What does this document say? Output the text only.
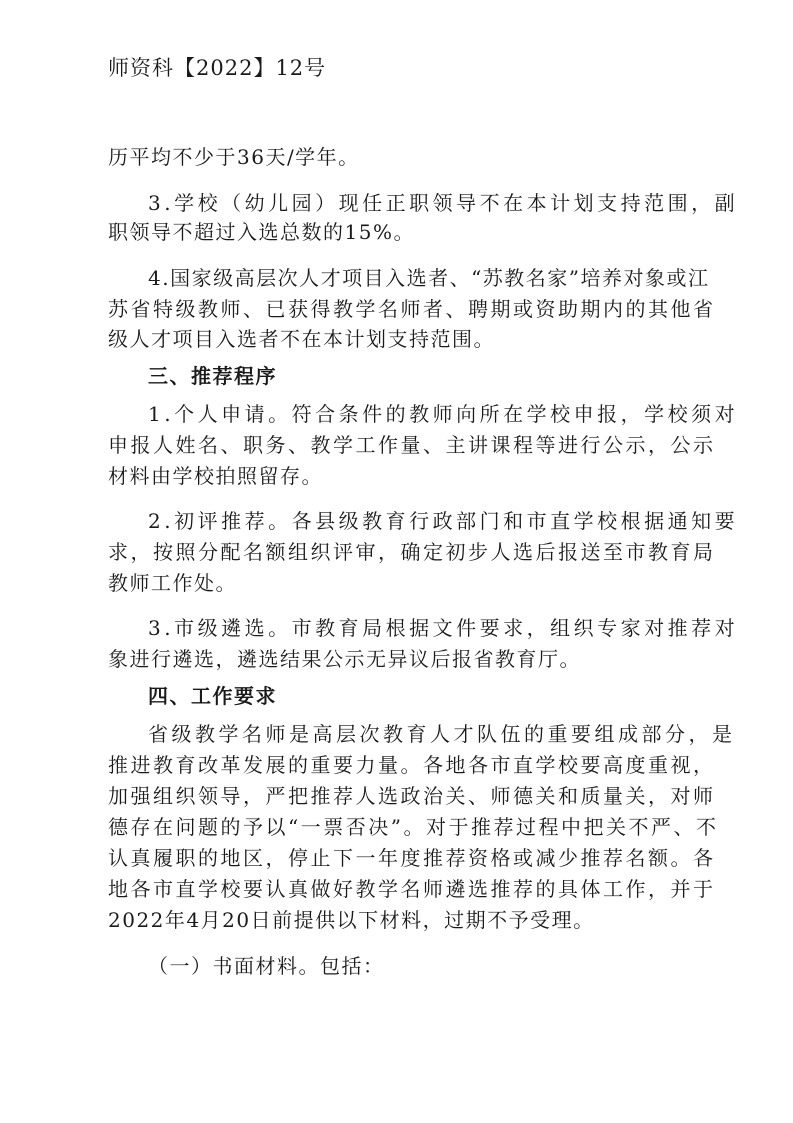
师资科【2022】12号
历平均不少于36天/学年。
3.学校（幼儿园）现任正职领导不在本计划支持范围，副
职领导不超过入选总数的15%。
4.国家级高层次人才项目入选者、“苏教名家”培养对象或江
苏省特级教师、已获得教学名师者、聘期或资助期内的其他省
级人才项目入选者不在本计划支持范围。
三、推荐程序
1.个人申请。符合条件的教师向所在学校申报，学校须对
申报人姓名、职务、教学工作量、主讲课程等进行公示，公示
材料由学校拍照留存。
2.初评推荐。各县级教育行政部门和市直学校根据通知要
求，按照分配名额组织评审，确定初步人选后报送至市教育局
教师工作处。
3.市级遴选。市教育局根据文件要求，组织专家对推荐对
象进行遴选，遴选结果公示无异议后报省教育厅。
四、工作要求
省级教学名师是高层次教育人才队伍的重要组成部分，是
推进教育改革发展的重要力量。各地各市直学校要高度重视，
加强组织领导，严把推荐人选政治关、师德关和质量关，对师
德存在问题的予以“一票否决”。对于推荐过程中把关不严、不
认真履职的地区，停止下一年度推荐资格或减少推荐名额。各
地各市直学校要认真做好教学名师遴选推荐的具体工作，并于
2022年4月20日前提供以下材料，过期不予受理。
（一）书面材料。包括：
